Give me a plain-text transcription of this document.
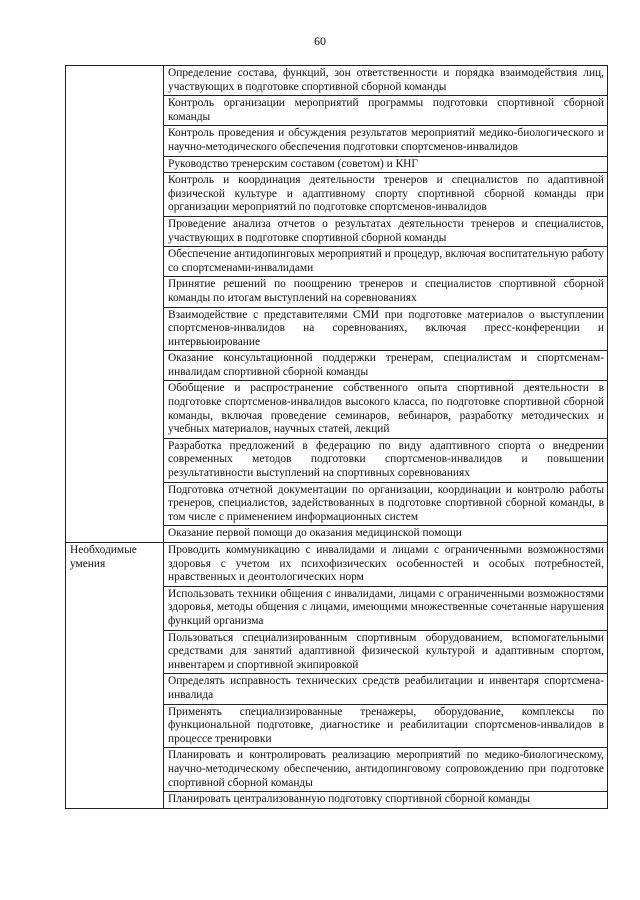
60
	Определение состава, функций, зон ответственности и порядка взаимодействия лиц, участвующих в подготовке спортивной сборной команды
	Контроль организации мероприятий программы подготовки спортивной сборной команды
	Контроль проведения и обсуждения результатов мероприятий медико-биологического и научно-методического обеспечения подготовки спортсменов-инвалидов
	Руководство тренерским составом (советом) и КНГ
	Контроль и координация деятельности тренеров и специалистов по адаптивной физической культуре и адаптивному спорту спортивной сборной команды при организации мероприятий по подготовке спортсменов-инвалидов
	Проведение анализа отчетов о результатах деятельности тренеров и специалистов, участвующих в подготовке спортивной сборной команды
	Обеспечение антидопинговых мероприятий и процедур, включая воспитательную работу со спортсменами-инвалидами
	Принятие решений по поощрению тренеров и специалистов спортивной сборной команды по итогам выступлений на соревнованиях
	Взаимодействие с представителями СМИ при подготовке материалов о выступлении спортсменов-инвалидов на соревнованиях, включая пресс-конференции и интервьюирование
	Оказание консультационной поддержки тренерам, специалистам и спортсменам-инвалидам спортивной сборной команды
	Обобщение и распространение собственного опыта спортивной деятельности в подготовке спортсменов-инвалидов высокого класса, по подготовке спортивной сборной команды, включая проведение семинаров, вебинаров, разработку методических и учебных материалов, научных статей, лекций
	Разработка предложений в федерацию по виду адаптивного спорта о внедрении современных методов подготовки спортсменов-инвалидов и повышении результативности выступлений на спортивных соревнованиях
	Подготовка отчетной документации по организации, координации и контролю работы тренеров, специалистов, задействованных в подготовке спортивной сборной команды, в том числе с применением информационных систем
	Оказание первой помощи до оказания медицинской помощи
Необходимые умения	Проводить коммуникацию с инвалидами и лицами с ограниченными возможностями здоровья с учетом их психофизических особенностей и особых потребностей, нравственных и деонтологических норм
	Использовать техники общения с инвалидами, лицами с ограниченными возможностями здоровья, методы общения с лицами, имеющими множественные сочетанные нарушения функций организма
	Пользоваться специализированным спортивным оборудованием, вспомогательными средствами для занятий адаптивной физической культурой и адаптивным спортом, инвентарем и спортивной экипировкой
	Определять исправность технических средств реабилитации и инвентаря спортсмена-инвалида
	Применять специализированные тренажеры, оборудование, комплексы по функциональной подготовке, диагностике и реабилитации спортсменов-инвалидов в процессе тренировки
	Планировать и контролировать реализацию мероприятий по медико-биологическому, научно-методическому обеспечению, антидопинговому сопровождению при подготовке спортивной сборной команды
	Планировать централизованную подготовку спортивной сборной команды
